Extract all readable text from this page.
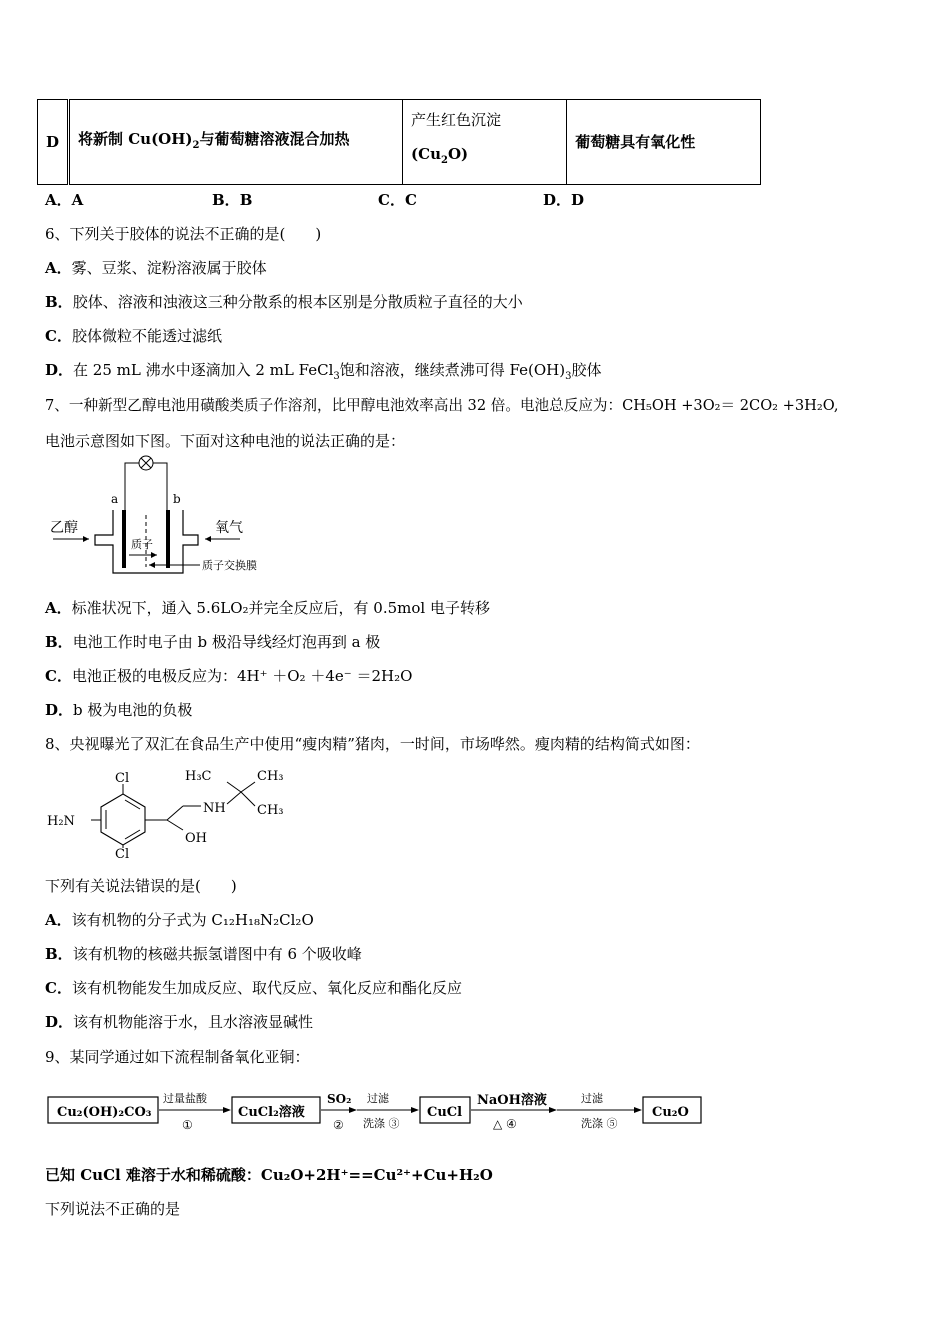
D	将新制 $Cu(OH)_2$与葡萄糖溶液混合加热	产生红色沉淀	葡萄糖具有氧化性
$(Cu_2O)$
A．A	B．B	C．C	D．D
6、下列关于胶体的说法不正确的是(　　)
A．雾、豆浆、淀粉溶液属于胶体
B．胶体、溶液和浊液这三种分散系的根本区别是分散质粒子直径的大小
C．胶体微粒不能透过滤纸
D．在 25 mL 沸水中逐滴加入 2 mL FeCl$_3$饱和溶液，继续煮沸可得 $Fe(OH)_3$胶体
7、一种新型乙醇电池用磺酸类质子作溶剂，比甲醇电池效率高出 32 倍。电池总反应为：CH₅OH +3O₂＝ 2CO₂ +3H₂O,
电池示意图如下图。下面对这种电池的说法正确的是：
a	b
乙醇	氧气
质子
质子交换膜
A．标准状况下，通入 5.6LO₂并完全反应后，有 0.5mol 电子转移
B．电池工作时电子由 b 极沿导线经灯泡再到 a 极
C．电池正极的电极反应为：4H⁺ ＋O₂ ＋4e⁻ ＝2H₂O
D．b 极为电池的负极
8、央视曝光了双汇在食品生产中使用“瘦肉精”猪肉，一时间，市场哗然。瘦肉精的结构简式如图：
Cl
Cl
H₂N
OH
NH
H₃C	CH₃
CH₃
下列有关说法错误的是(　　)
A．该有机物的分子式为 C₁₂H₁₈N₂Cl₂O
B．该有机物的核磁共振氢谱图中有 6 个吸收峰
C．该有机物能发生加成反应、取代反应、氧化反应和酯化反应
D．该有机物能溶于水，且水溶液显碱性
9、某同学通过如下流程制备氧化亚铜：
Cu₂(OH)₂CO₃
过量盐酸
①
CuCl₂溶液
SO₂
②
过滤
洗涤 ③
CuCl
NaOH溶液
△ ④
过滤
洗涤 ⑤
Cu₂O
已知 CuCl 难溶于水和稀硫酸：Cu₂O+2H⁺==Cu²⁺+Cu+H₂O
下列说法不正确的是
